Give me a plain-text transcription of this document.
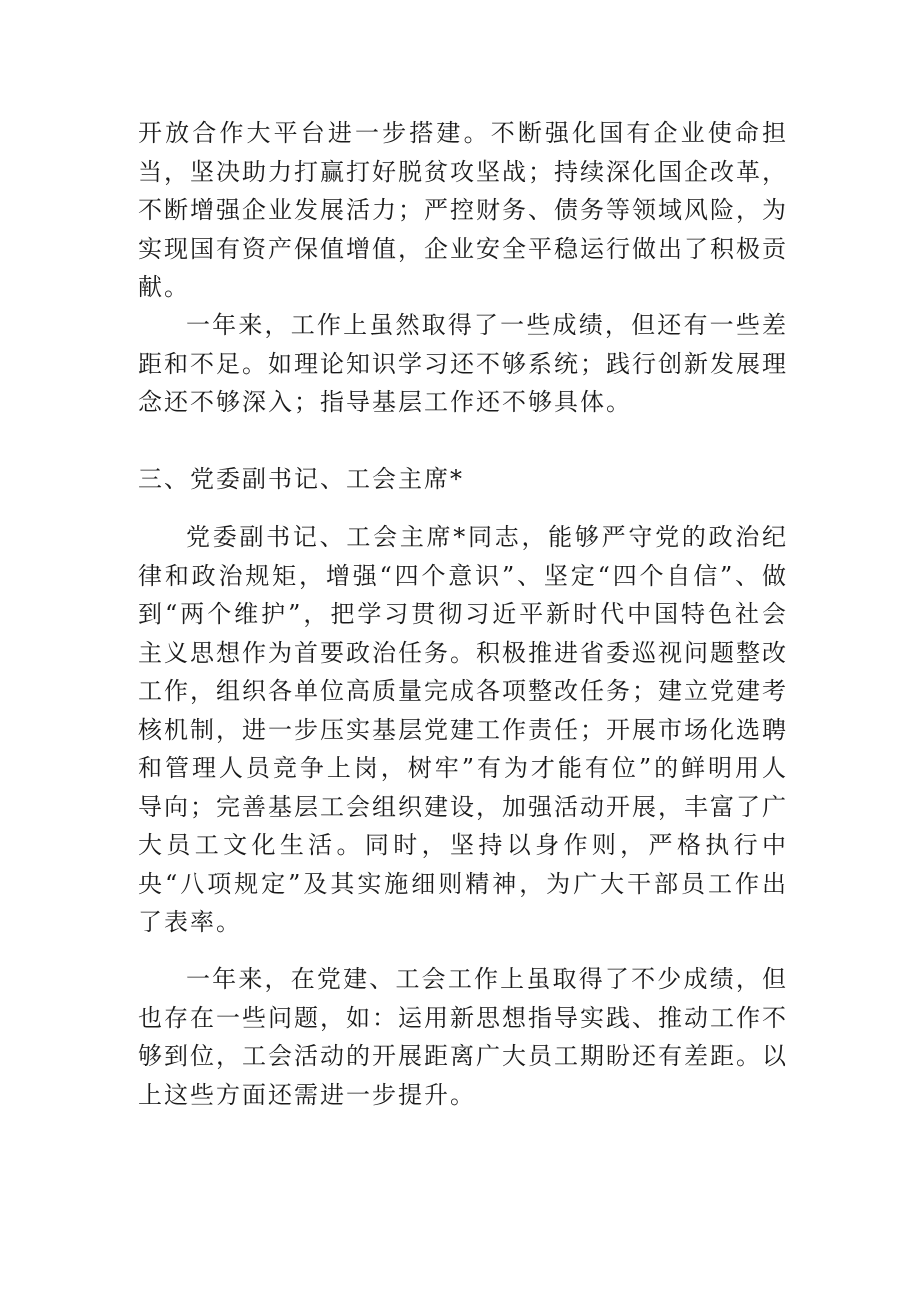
开放合作大平台进一步搭建。不断强化国有企业使命担当，坚决助力打赢打好脱贫攻坚战；持续深化国企改革，不断增强企业发展活力；严控财务、债务等领域风险，为实现国有资产保值增值，企业安全平稳运行做出了积极贡献。

一年来，工作上虽然取得了一些成绩，但还有一些差距和不足。如理论知识学习还不够系统；践行创新发展理念还不够深入；指导基层工作还不够具体。

三、党委副书记、工会主席*

党委副书记、工会主席*同志，能够严守党的政治纪律和政治规矩，增强“四个意识”、坚定“四个自信”、做到“两个维护”，把学习贯彻习近平新时代中国特色社会主义思想作为首要政治任务。积极推进省委巡视问题整改工作，组织各单位高质量完成各项整改任务；建立党建考核机制，进一步压实基层党建工作责任；开展市场化选聘和管理人员竞争上岗，树牢”有为才能有位”的鲜明用人导向；完善基层工会组织建设，加强活动开展，丰富了广大员工文化生活。同时，坚持以身作则，严格执行中央“八项规定”及其实施细则精神，为广大干部员工作出了表率。

一年来，在党建、工会工作上虽取得了不少成绩，但也存在一些问题，如：运用新思想指导实践、推动工作不够到位，工会活动的开展距离广大员工期盼还有差距。以上这些方面还需进一步提升。
